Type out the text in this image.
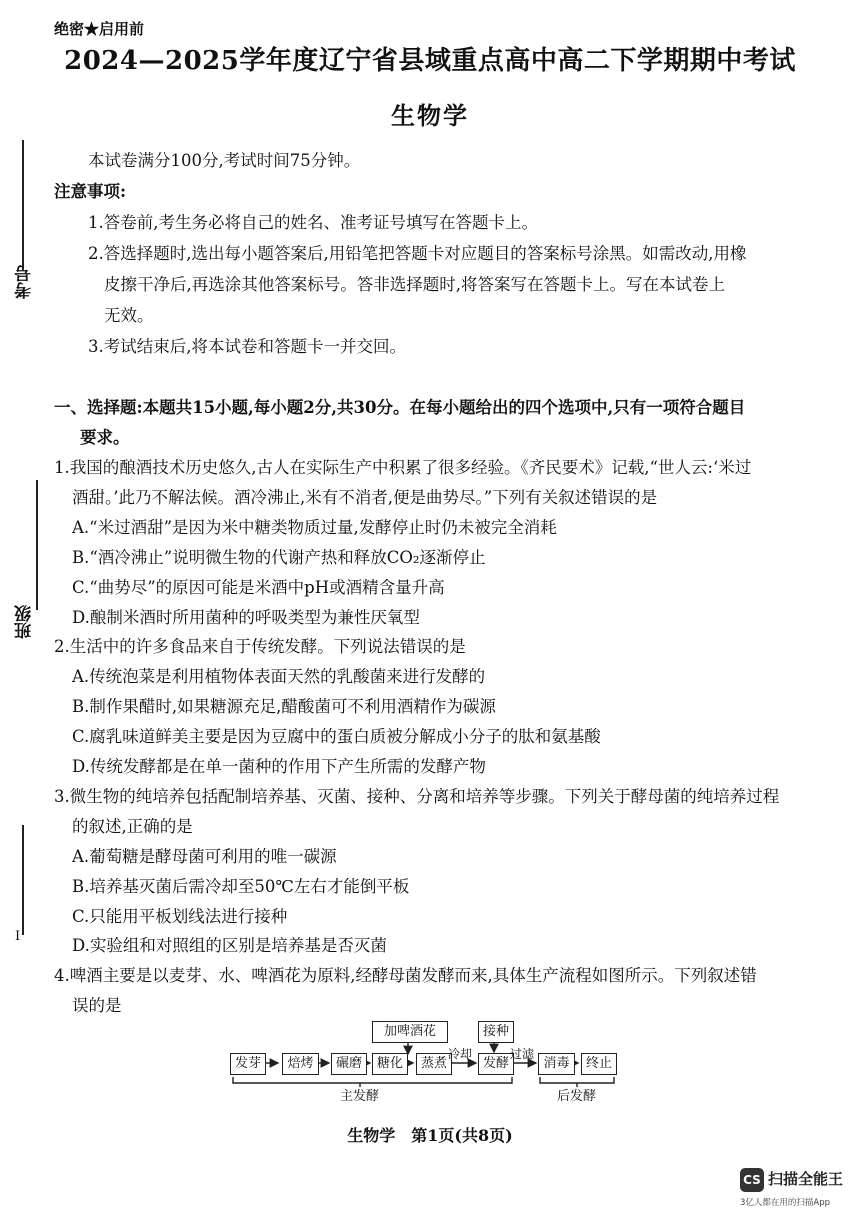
绝密★启用前
2024—2025学年度辽宁省县域重点高中高二下学期期中考试
生物学
考号
班级
I
本试卷满分100分,考试时间75分钟。
注意事项:
1.答卷前,考生务必将自己的姓名、准考证号填写在答题卡上。
2.答选择题时,选出每小题答案后,用铅笔把答题卡对应题目的答案标号涂黑。如需改动,用橡
皮擦干净后,再选涂其他答案标号。答非选择题时,将答案写在答题卡上。写在本试卷上
无效。
3.考试结束后,将本试卷和答题卡一并交回。
一、选择题:本题共15小题,每小题2分,共30分。在每小题给出的四个选项中,只有一项符合题目
要求。
1.我国的酿酒技术历史悠久,古人在实际生产中积累了很多经验。《齐民要术》记载,“世人云:‘米过
酒甜。’此乃不解法候。酒冷沸止,米有不消者,便是曲势尽。”下列有关叙述错误的是
A.“米过酒甜”是因为米中糖类物质过量,发酵停止时仍未被完全消耗
B.“酒冷沸止”说明微生物的代谢产热和释放CO₂逐渐停止
C.“曲势尽”的原因可能是米酒中pH或酒精含量升高
D.酿制米酒时所用菌种的呼吸类型为兼性厌氧型
2.生活中的许多食品来自于传统发酵。下列说法错误的是
A.传统泡菜是利用植物体表面天然的乳酸菌来进行发酵的
B.制作果醋时,如果糖源充足,醋酸菌可不利用酒精作为碳源
C.腐乳味道鲜美主要是因为豆腐中的蛋白质被分解成小分子的肽和氨基酸
D.传统发酵都是在单一菌种的作用下产生所需的发酵产物
3.微生物的纯培养包括配制培养基、灭菌、接种、分离和培养等步骤。下列关于酵母菌的纯培养过程
的叙述,正确的是
A.葡萄糖是酵母菌可利用的唯一碳源
B.培养基灭菌后需冷却至50℃左右才能倒平板
C.只能用平板划线法进行接种
D.实验组和对照组的区别是培养基是否灭菌
4.啤酒主要是以麦芽、水、啤酒花为原料,经酵母菌发酵而来,具体生产流程如图所示。下列叙述错
误的是
加啤酒花	接种
发芽	焙烤	碾磨	糖化	蒸煮	发酵	消毒	终止
冷却	过滤
主发酵	后发酵
生物学　第1页(共8页)
CS 扫描全能王
3亿人都在用的扫描App
